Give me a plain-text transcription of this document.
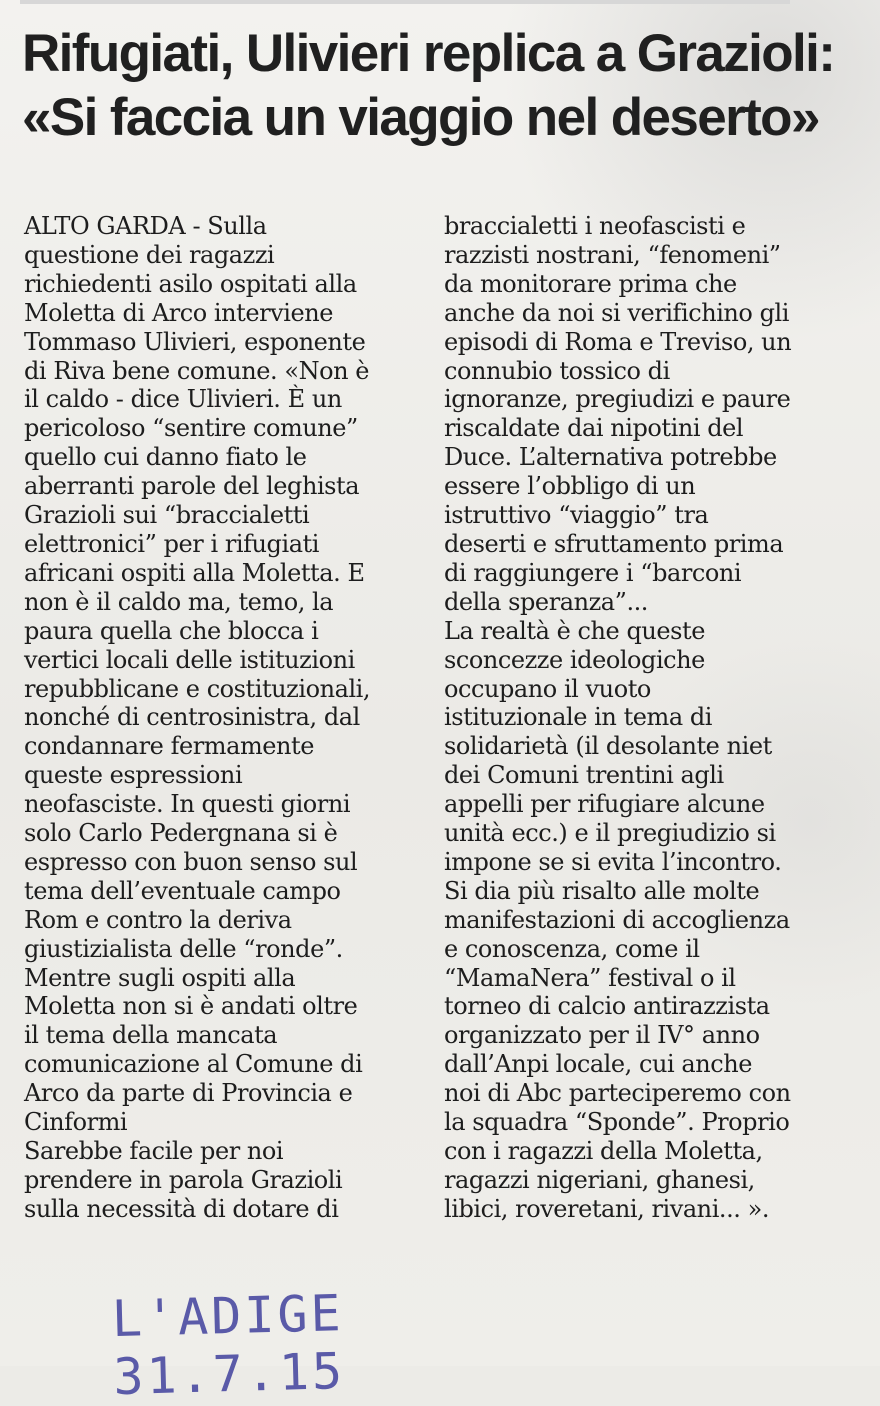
Rifugiati, Ulivieri replica a Grazioli:
«Si faccia un viaggio nel deserto»
ALTO GARDA - Sulla
questione dei ragazzi
richiedenti asilo ospitati alla
Moletta di Arco interviene
Tommaso Ulivieri, esponente
di Riva bene comune. «Non è
il caldo - dice Ulivieri. È un
pericoloso “sentire comune”
quello cui danno fiato le
aberranti parole del leghista
Grazioli sui “braccialetti
elettronici” per i rifugiati
africani ospiti alla Moletta. E
non è il caldo ma, temo, la
paura quella che blocca i
vertici locali delle istituzioni
repubblicane e costituzionali,
nonché di centrosinistra, dal
condannare fermamente
queste espressioni
neofasciste. In questi giorni
solo Carlo Pedergnana si è
espresso con buon senso sul
tema dell’eventuale campo
Rom e contro la deriva
giustizialista delle “ronde”.
Mentre sugli ospiti alla
Moletta non si è andati oltre
il tema della mancata
comunicazione al Comune di
Arco da parte di Provincia e
Cinformi
Sarebbe facile per noi
prendere in parola Grazioli
sulla necessità di dotare di
braccialetti i neofascisti e
razzisti nostrani, “fenomeni”
da monitorare prima che
anche da noi si verifichino gli
episodi di Roma e Treviso, un
connubio tossico di
ignoranze, pregiudizi e paure
riscaldate dai nipotini del
Duce. L’alternativa potrebbe
essere l’obbligo di un
istruttivo “viaggio” tra
deserti e sfruttamento prima
di raggiungere i “barconi
della speranza”...
La realtà è che queste
sconcezze ideologiche
occupano il vuoto
istituzionale in tema di
solidarietà (il desolante niet
dei Comuni trentini agli
appelli per rifugiare alcune
unità ecc.) e il pregiudizio si
impone se si evita l’incontro.
Si dia più risalto alle molte
manifestazioni di accoglienza
e conoscenza, come il
“MamaNera” festival o il
torneo di calcio antirazzista
organizzato per il IV° anno
dall’Anpi locale, cui anche
noi di Abc parteciperemo con
la squadra “Sponde”. Proprio
con i ragazzi della Moletta,
ragazzi nigeriani, ghanesi,
libici, roveretani, rivani... ».
L'ADIGE 31.7.15
